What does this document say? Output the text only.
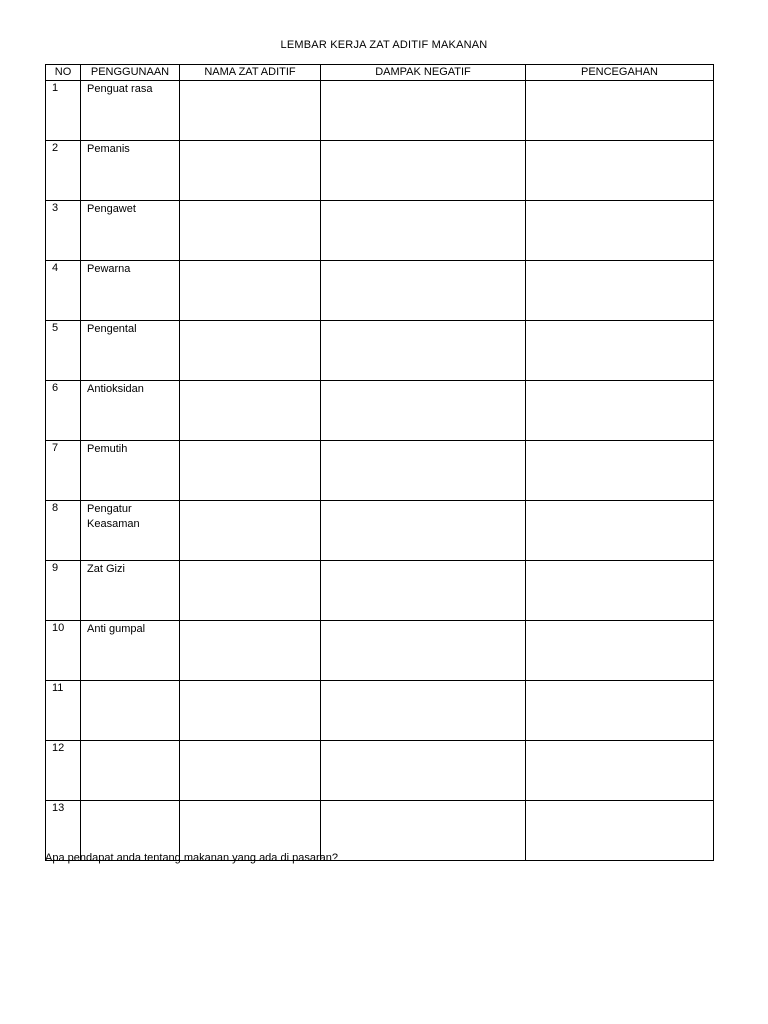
LEMBAR KERJA ZAT ADITIF MAKANAN
NO	PENGGUNAAN	NAMA ZAT ADITIF	DAMPAK NEGATIF	PENCEGAHAN
1	Penguat rasa			
2	Pemanis			
3	Pengawet			
4	Pewarna			
5	Pengental			
6	Antioksidan			
7	Pemutih			
8	Pengatur Keasaman			
9	Zat Gizi			
10	Anti gumpal			
11				
12				
13				
Apa pendapat anda tentang makanan yang ada di pasaran?
